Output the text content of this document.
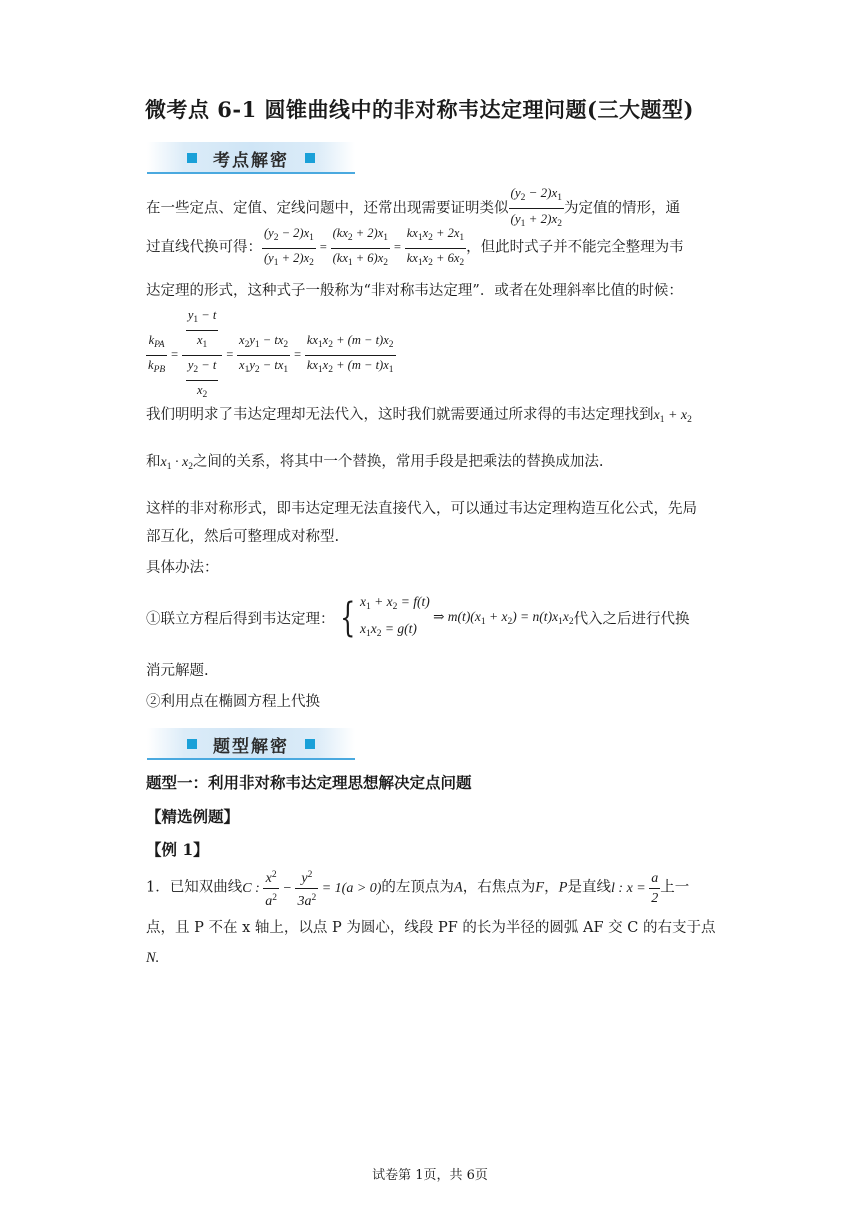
微考点 6-1 圆锥曲线中的非对称韦达定理问题(三大题型)
考点解密
在一些定点、定值、定线问题中，还常出现需要证明类似 $\frac{(y_2 - 2)x_1}{(y_1 + 2)x_2}$ 为定值的情形，通
过直线代换可得： $\frac{(y_2 - 2)x_1}{(y_1 + 2)x_2} = \frac{(kx_2 + 2)x_1}{(kx_1 + 6)x_2} = \frac{kx_1x_2 + 2x_1}{kx_1x_2 + 6x_2}$ ，但此时式子并不能完全整理为韦
达定理的形式，这种式子一般称为“非对称韦达定理”．或者在处理斜率比值的时候：
$\frac{k_{PA}}{k_{PB}} = \frac{\frac{y_1 - t}{x_1}}{\frac{y_2 - t}{x_2}} = \frac{x_2y_1 - tx_2}{x_1y_2 - tx_1} = \frac{kx_1x_2 + (m - t)x_2}{kx_1x_2 + (m - t)x_1}$
我们明明求了韦达定理却无法代入，这时我们就需要通过所求得的韦达定理找到$x_1 + x_2$
和$x_1 \cdot x_2$之间的关系，将其中一个替换，常用手段是把乘法的替换成加法.
这样的非对称形式，即韦达定理无法直接代入，可以通过韦达定理构造互化公式，先局
部互化，然后可整理成对称型.
具体办法：
①联立方程后得到韦达定理： { $x_1 + x_2 = f(t)$
$x_1x_2 = g(t)$
⇒ $m(t)(x_1 + x_2) = n(t)x_1x_2$代入之后进行代换
消元解题.
②利用点在椭圆方程上代换
题型解密
题型一：利用非对称韦达定理思想解决定点问题
【精选例题】
【例 1】
1．已知双曲线C : $\frac{x^2}{a^2} - \frac{y^2}{3a^2} = 1(a > 0)$的左顶点为A，右焦点为F，P是直线l : $x = \frac{a}{2}$ 上一
点，且 P 不在 x 轴上，以点 P 为圆心，线段 PF 的长为半径的圆弧 AF 交 C 的右支于点
N.
试卷第 1页，共 6页
